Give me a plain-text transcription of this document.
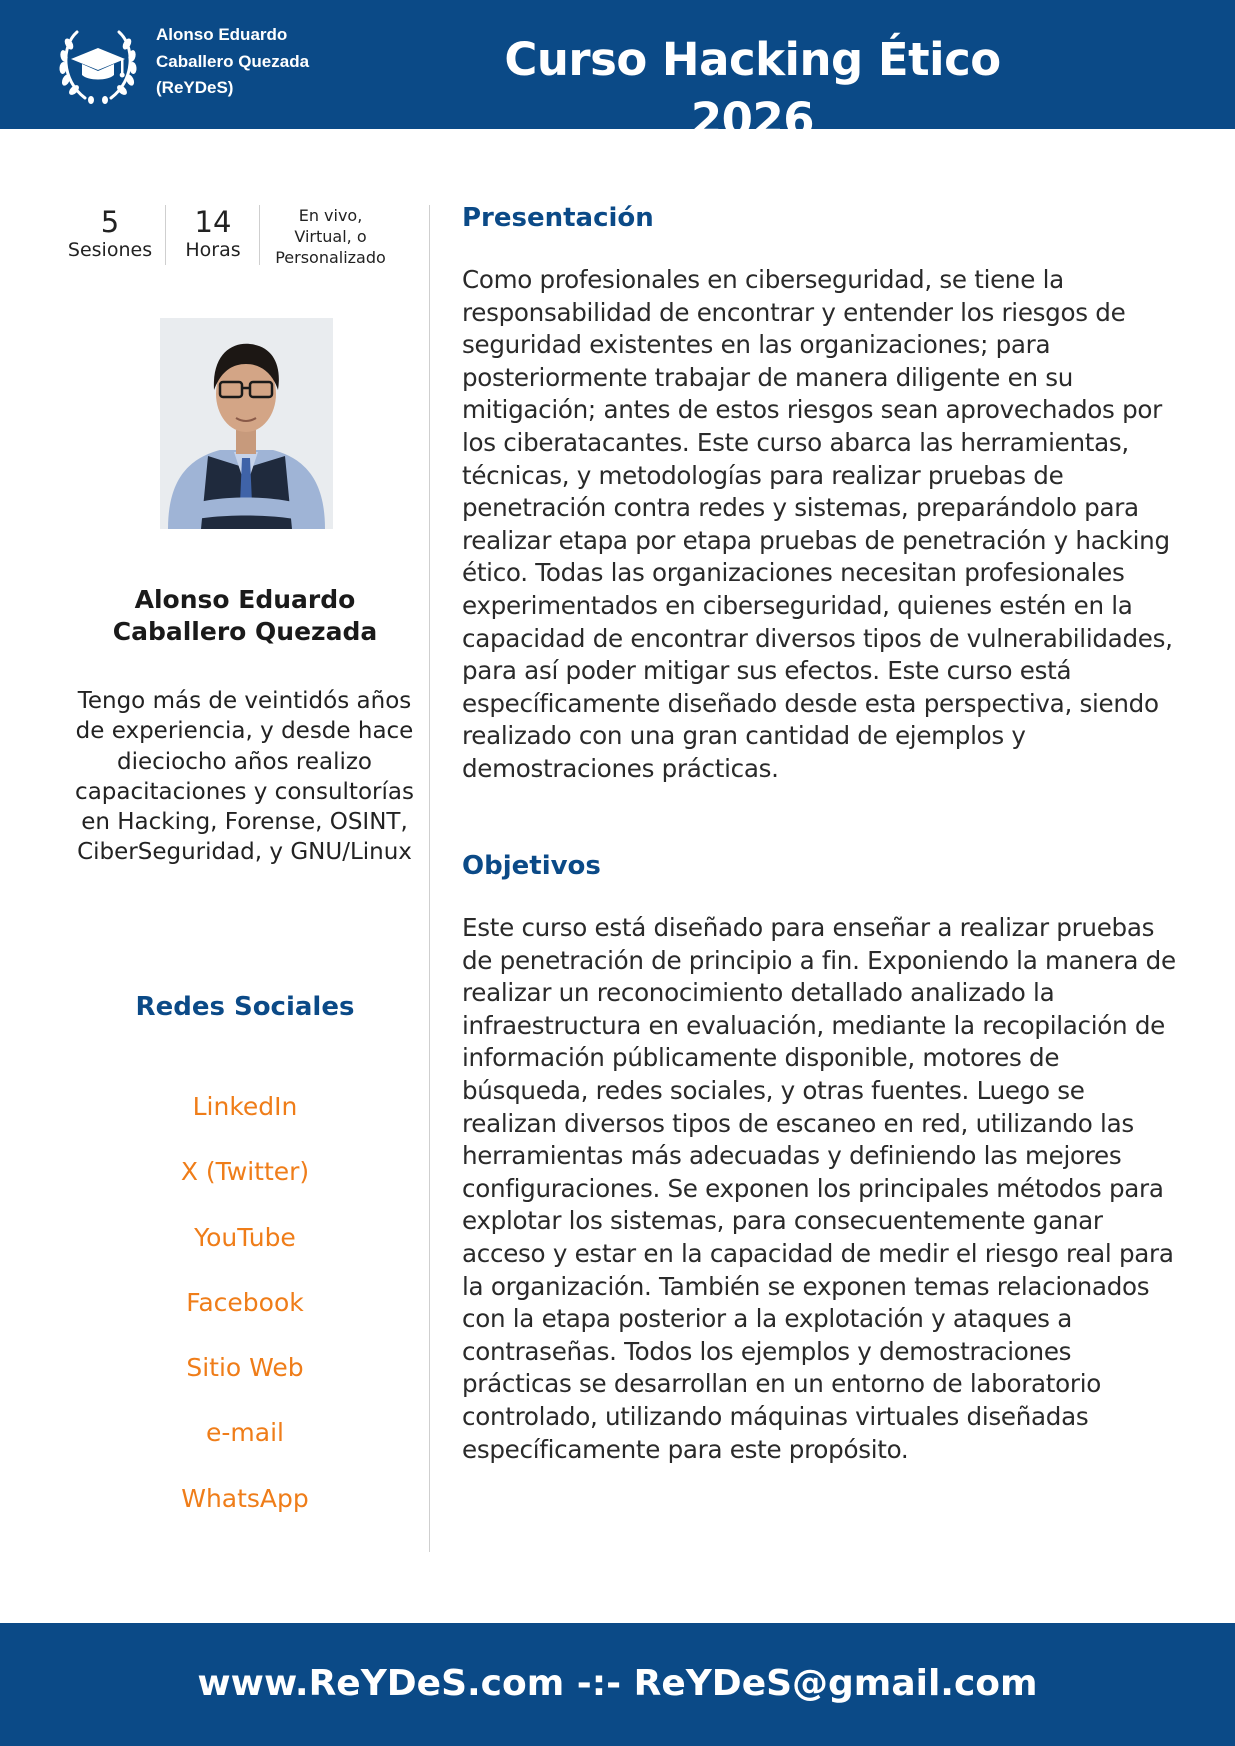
Alonso Eduardo
Caballero Quezada
(ReYDeS)
Curso Hacking Ético 2026
5
Sesiones
14
Horas
En vivo,
Virtual, o
Personalizado
Alonso Eduardo
Caballero Quezada

Tengo más de veintidós años de experiencia, y desde hace dieciocho años realizo capacitaciones y consultorías en Hacking, Forense, OSINT, CiberSeguridad, y GNU/Linux

Redes Sociales
LinkedIn
X (Twitter)
YouTube
Facebook
Sitio Web
e-mail
WhatsApp
Presentación

Como profesionales en ciberseguridad, se tiene la responsabilidad de encontrar y entender los riesgos de seguridad existentes en las organizaciones; para posteriormente trabajar de manera diligente en su mitigación; antes de estos riesgos sean aprovechados por los ciberatacantes. Este curso abarca las herramientas, técnicas, y metodologías para realizar pruebas de penetración contra redes y sistemas, preparándolo para realizar etapa por etapa pruebas de penetración y hacking ético. Todas las organizaciones necesitan profesionales experimentados en ciberseguridad, quienes estén en la capacidad de encontrar diversos tipos de vulnerabilidades, para así poder mitigar sus efectos. Este curso está específicamente diseñado desde esta perspectiva, siendo realizado con una gran cantidad de ejemplos y demostraciones prácticas.

Objetivos

Este curso está diseñado para enseñar a realizar pruebas de penetración de principio a fin. Exponiendo la manera de realizar un reconocimiento detallado analizado la infraestructura en evaluación, mediante la recopilación de información públicamente disponible, motores de búsqueda, redes sociales, y otras fuentes. Luego se realizan diversos tipos de escaneo en red, utilizando las herramientas más adecuadas y definiendo las mejores configuraciones. Se exponen los principales métodos para explotar los sistemas, para consecuentemente ganar acceso y estar en la capacidad de medir el riesgo real para la organización. También se exponen temas relacionados con la etapa posterior a la explotación y ataques a contraseñas. Todos los ejemplos y demostraciones prácticas se desarrollan en un entorno de laboratorio controlado, utilizando máquinas virtuales diseñadas específicamente para este propósito.

www.ReYDeS.com -:- ReYDeS@gmail.com
